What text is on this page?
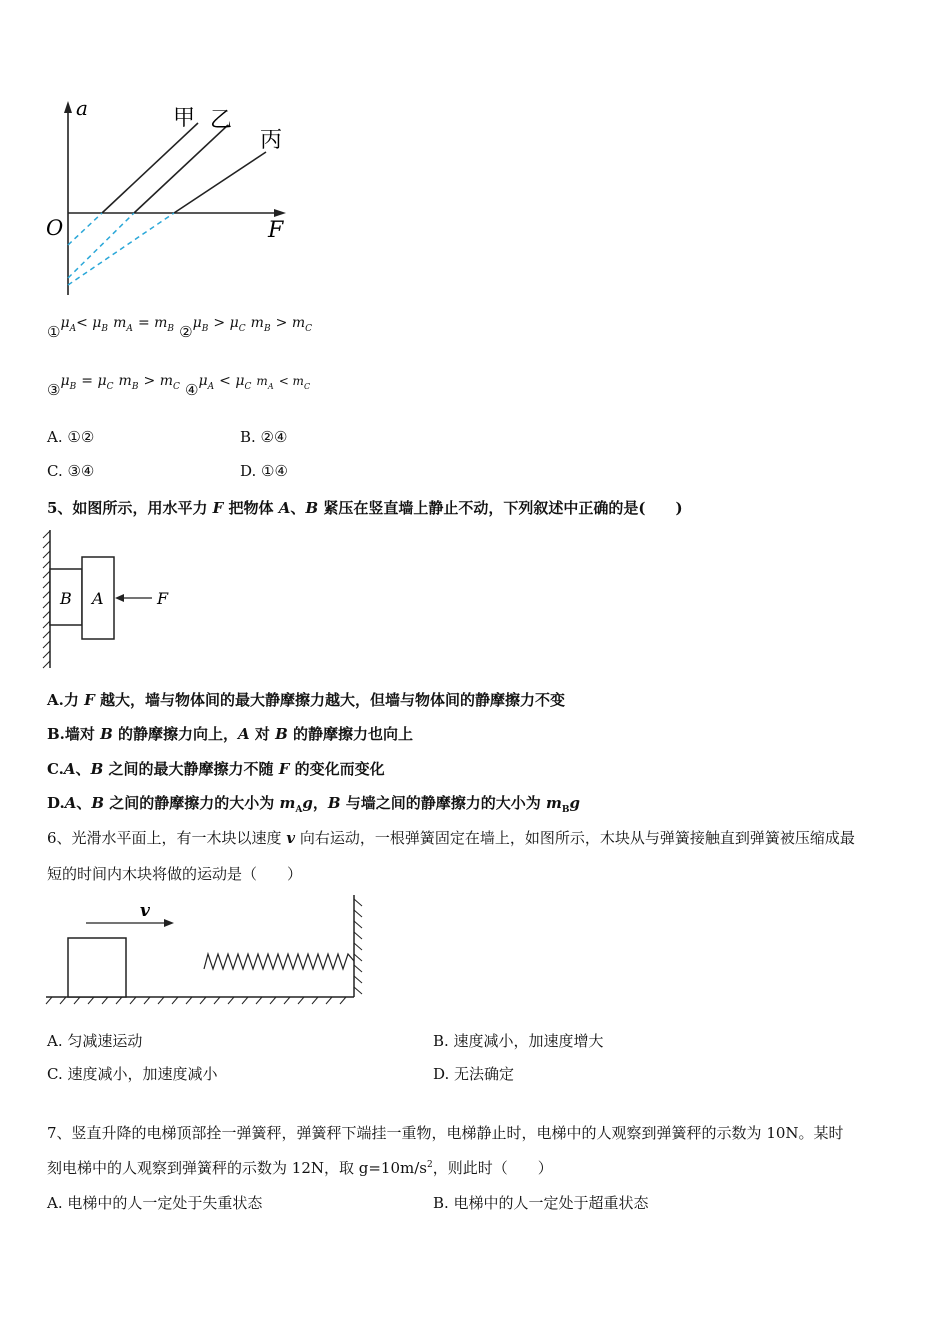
a
F
O
甲 乙
丙
$①\mu_A< \mu_B$ $m_A = m_B$ $②\mu_B > \mu_C$ $m_B > m_C$
$③\mu_B = \mu_C$ $m_B > m_C$ $④\mu_A < \mu_C$ $m_A < m_C$
A. ①②	B. ②④
C. ③④	D. ①④
5、如图所示，用水平力 F 把物体 A、B 紧压在竖直墙上静止不动，下列叙述中正确的是(　　)
B A	F
A.力 F 越大，墙与物体间的最大静摩擦力越大，但墙与物体间的静摩擦力不变
B.墙对 B 的静摩擦力向上，A 对 B 的静摩擦力也向上
C.A、B 之间的最大静摩擦力不随 F 的变化而变化
D.A、B 之间的静摩擦力的大小为 $m_Ag$，B 与墙之间的静摩擦力的大小为 $m_Bg$
6、光滑水平面上，有一木块以速度 v 向右运动，一根弹簧固定在墙上，如图所示，木块从与弹簧接触直到弹簧被压缩成最
短的时间内木块将做的运动是（　　）
v
A. 匀减速运动	B. 速度减小，加速度增大
C. 速度减小，加速度减小	D. 无法确定
7、竖直升降的电梯顶部拴一弹簧秤，弹簧秤下端挂一重物，电梯静止时，电梯中的人观察到弹簧秤的示数为 10N。某时
刻电梯中的人观察到弹簧秤的示数为 12N，取 $g=10m/s^2$，则此时（　　）
A. 电梯中的人一定处于失重状态	B. 电梯中的人一定处于超重状态
